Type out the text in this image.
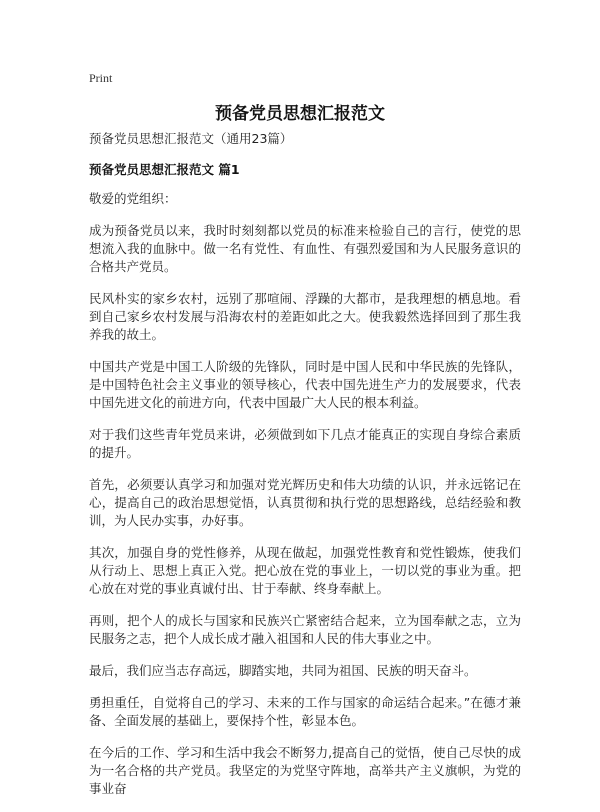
Print
预备党员思想汇报范文

预备党员思想汇报范文（通用23篇）

预备党员思想汇报范文 篇1

敬爱的党组织：

成为预备党员以来，我时时刻刻都以党员的标准来检验自己的言行，使党的思想流入我的血脉中。做一名有党性、有血性、有强烈爱国和为人民服务意识的合格共产党员。

民风朴实的家乡农村，远别了那喧闹、浮躁的大都市，是我理想的栖息地。看到自己家乡农村发展与沿海农村的差距如此之大。使我毅然选择回到了那生我养我的故土。

中国共产党是中国工人阶级的先锋队，同时是中国人民和中华民族的先锋队，是中国特色社会主义事业的领导核心，代表中国先进生产力的发展要求，代表中国先进文化的前进方向，代表中国最广大人民的根本利益。

对于我们这些青年党员来讲，必须做到如下几点才能真正的实现自身综合素质的提升。

首先，必须要认真学习和加强对党光辉历史和伟大功绩的认识，并永远铭记在心，提高自己的政治思想觉悟，认真贯彻和执行党的思想路线，总结经验和教训，为人民办实事，办好事。

其次，加强自身的党性修养，从现在做起，加强党性教育和党性锻炼，使我们从行动上、思想上真正入党。把心放在党的事业上，一切以党的事业为重。把心放在对党的事业真诚付出、甘于奉献、终身奉献上。

再则，把个人的成长与国家和民族兴亡紧密结合起来，立为国奉献之志，立为民服务之志，把个人成长成才融入祖国和人民的伟大事业之中。

最后，我们应当志存高远，脚踏实地，共同为祖国、民族的明天奋斗。

勇担重任，自觉将自己的学习、未来的工作与国家的命运结合起来。”在德才兼备、全面发展的基础上，要保持个性，彰显本色。

在今后的工作、学习和生活中我会不断努力,提高自己的觉悟，使自己尽快的成为一名合格的共产党员。我坚定的为党坚守阵地，高举共产主义旗帜，为党的事业奋
